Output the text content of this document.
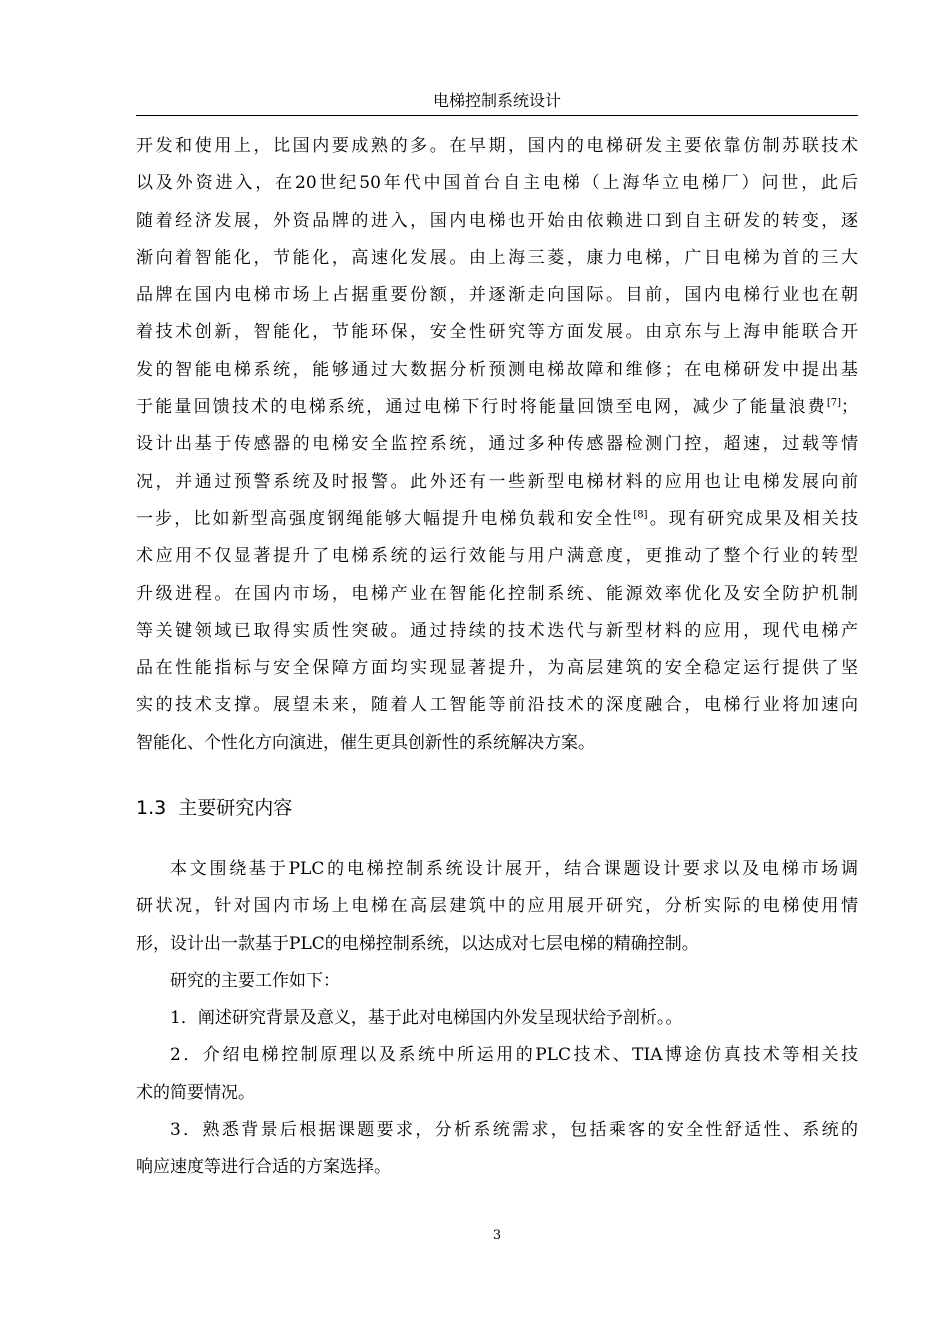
电梯控制系统设计
开发和使用上，比国内要成熟的多。在早期，国内的电梯研发主要依靠仿制苏联技术
以及外资进入，在20世纪50年代中国首台自主电梯（上海华立电梯厂）问世，此后
随着经济发展，外资品牌的进入，国内电梯也开始由依赖进口到自主研发的转变，逐
渐向着智能化，节能化，高速化发展。由上海三菱，康力电梯，广日电梯为首的三大
品牌在国内电梯市场上占据重要份额，并逐渐走向国际。目前，国内电梯行业也在朝
着技术创新，智能化，节能环保，安全性研究等方面发展。由京东与上海申能联合开
发的智能电梯系统，能够通过大数据分析预测电梯故障和维修；在电梯研发中提出基
于能量回馈技术的电梯系统，通过电梯下行时将能量回馈至电网，减少了能量浪费[7]；
设计出基于传感器的电梯安全监控系统，通过多种传感器检测门控，超速，过载等情
况，并通过预警系统及时报警。此外还有一些新型电梯材料的应用也让电梯发展向前
一步，比如新型高强度钢绳能够大幅提升电梯负载和安全性[8]。现有研究成果及相关技
术应用不仅显著提升了电梯系统的运行效能与用户满意度，更推动了整个行业的转型
升级进程。在国内市场，电梯产业在智能化控制系统、能源效率优化及安全防护机制
等关键领域已取得实质性突破。通过持续的技术迭代与新型材料的应用，现代电梯产
品在性能指标与安全保障方面均实现显著提升，为高层建筑的安全稳定运行提供了坚
实的技术支撑。展望未来，随着人工智能等前沿技术的深度融合，电梯行业将加速向
智能化、个性化方向演进，催生更具创新性的系统解决方案。
1.3 主要研究内容
本文围绕基于PLC的电梯控制系统设计展开，结合课题设计要求以及电梯市场调
研状况，针对国内市场上电梯在高层建筑中的应用展开研究，分析实际的电梯使用情
形，设计出一款基于PLC的电梯控制系统，以达成对七层电梯的精确控制。
研究的主要工作如下：
1．阐述研究背景及意义，基于此对电梯国内外发呈现状给予剖析。。
2．介绍电梯控制原理以及系统中所运用的PLC技术、TIA博途仿真技术等相关技
术的简要情况。
3．熟悉背景后根据课题要求，分析系统需求，包括乘客的安全性舒适性、系统的
响应速度等进行合适的方案选择。
3
